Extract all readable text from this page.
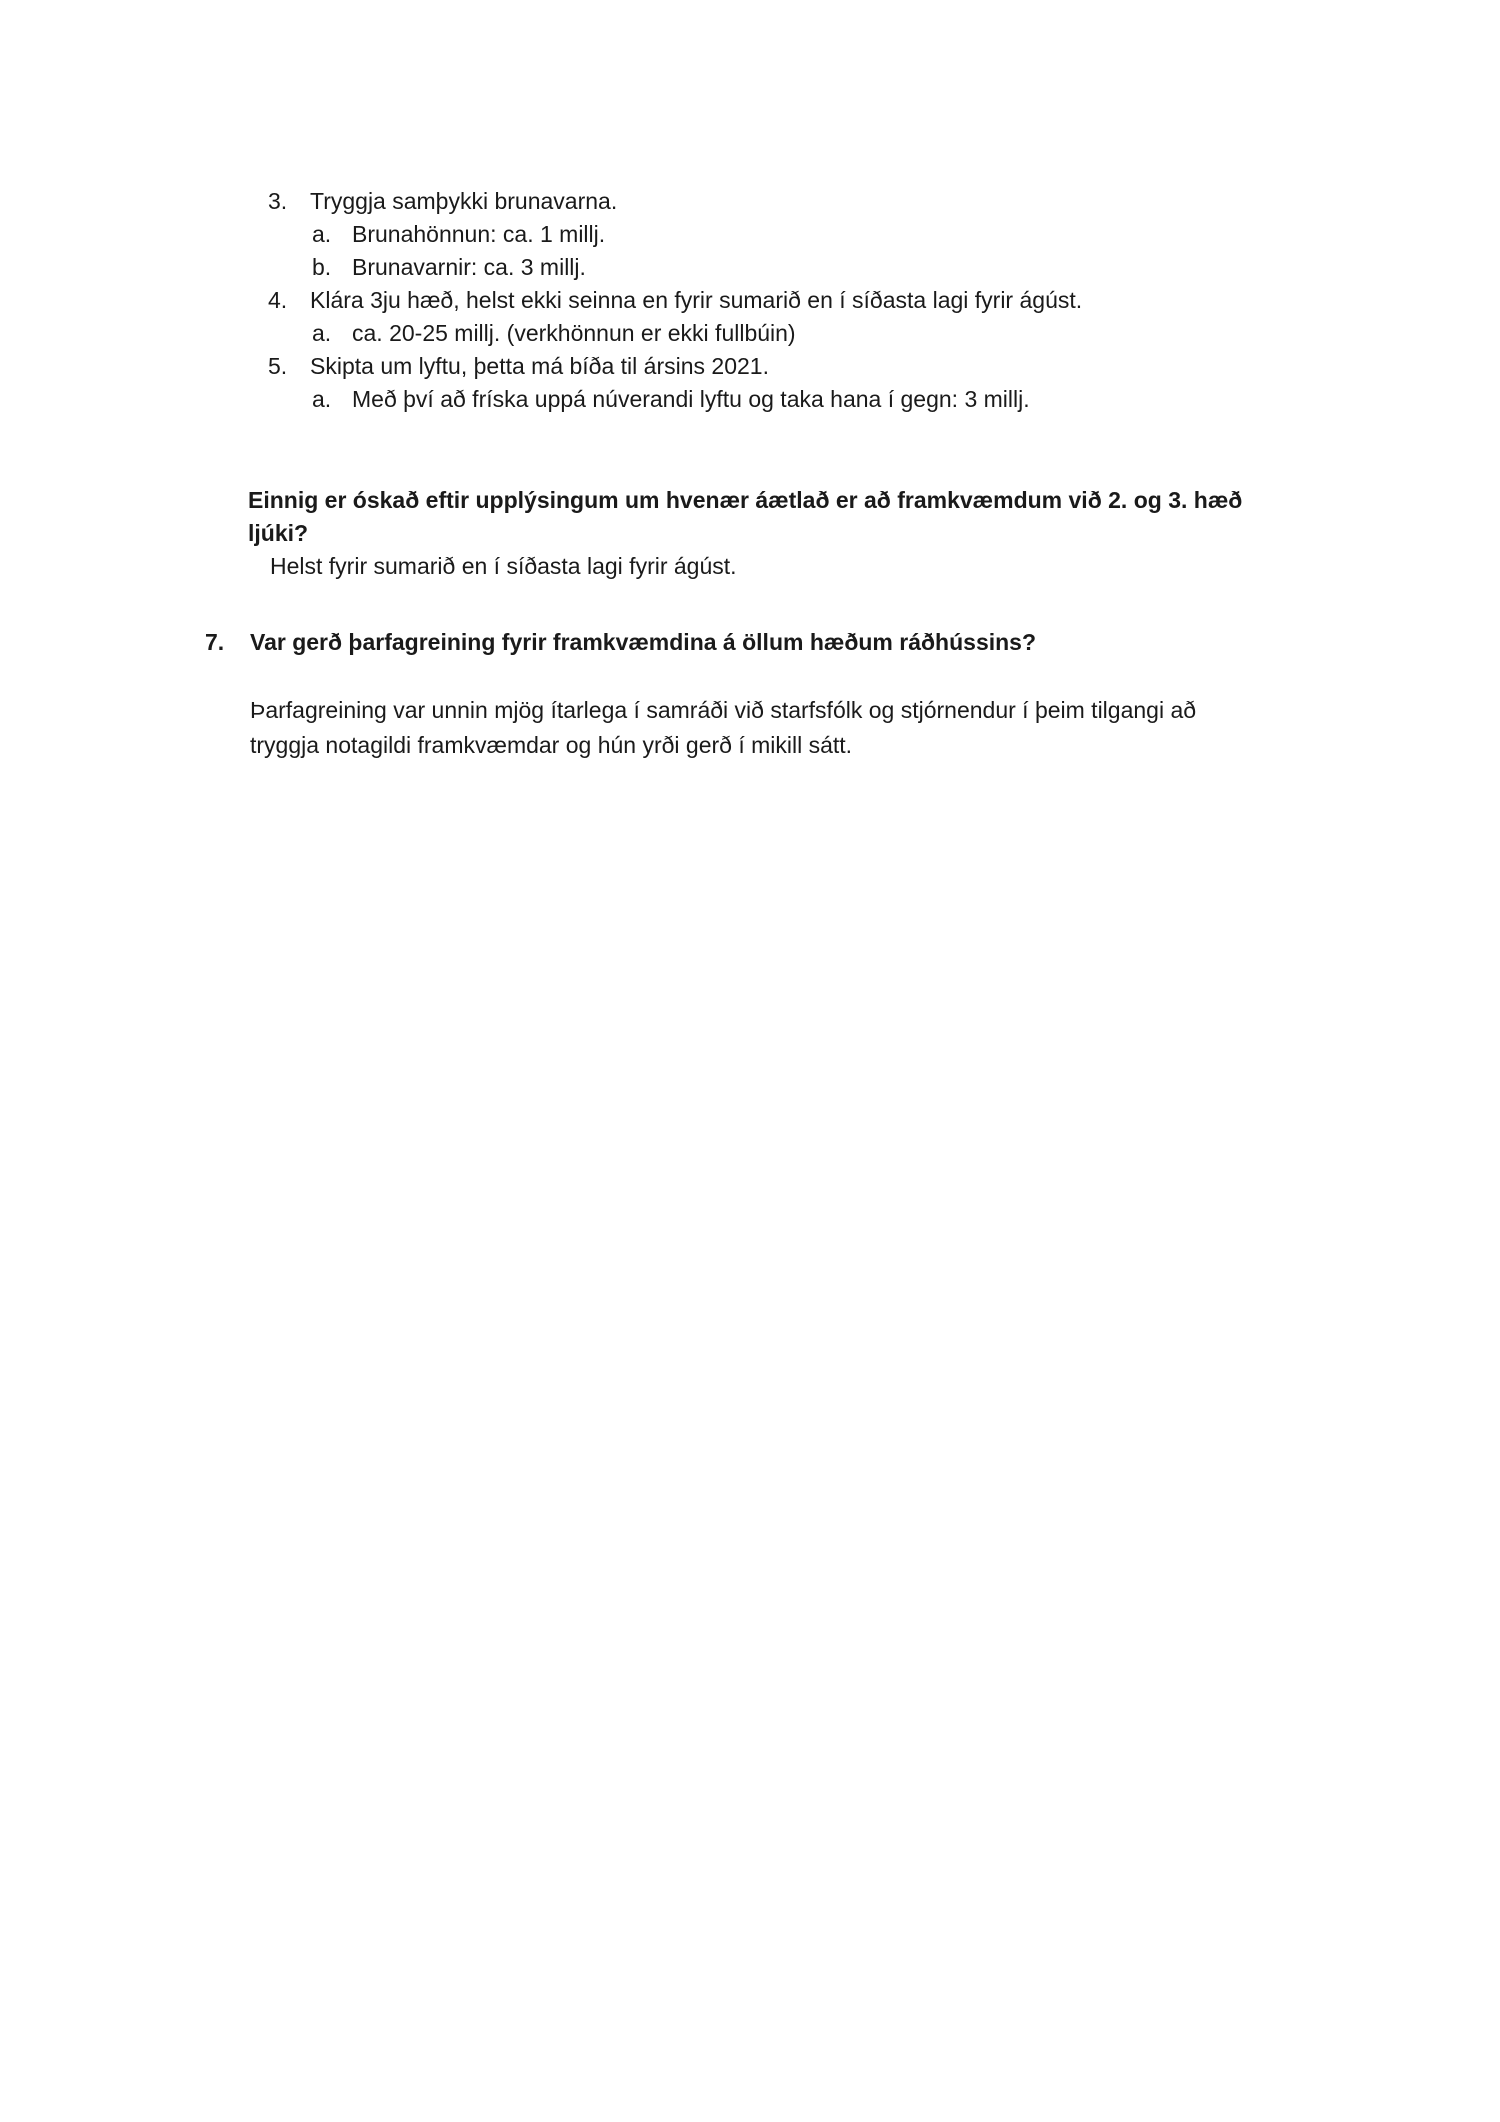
3. Tryggja samþykki brunavarna.
a. Brunahönnun: ca. 1 millj.
b. Brunavarnir: ca. 3 millj.
4. Klára 3ju hæð, helst ekki seinna en fyrir sumarið en í síðasta lagi fyrir ágúst.
a. ca. 20-25 millj. (verkhönnun er ekki fullbúin)
5. Skipta um lyftu, þetta má bíða til ársins 2021.
a. Með því að fríska uppá núverandi lyftu og taka hana í gegn: 3 millj.
Einnig er óskað eftir upplýsingum um hvenær áætlað er að framkvæmdum við 2. og 3. hæð
ljúki?
Helst fyrir sumarið en í síðasta lagi fyrir ágúst.
7.	Var gerð þarfagreining fyrir framkvæmdina á öllum hæðum ráðhússins?
Þarfagreining var unnin mjög ítarlega í samráði við starfsfólk og stjórnendur í þeim tilgangi að
tryggja notagildi framkvæmdar og hún yrði gerð í mikill sátt.
